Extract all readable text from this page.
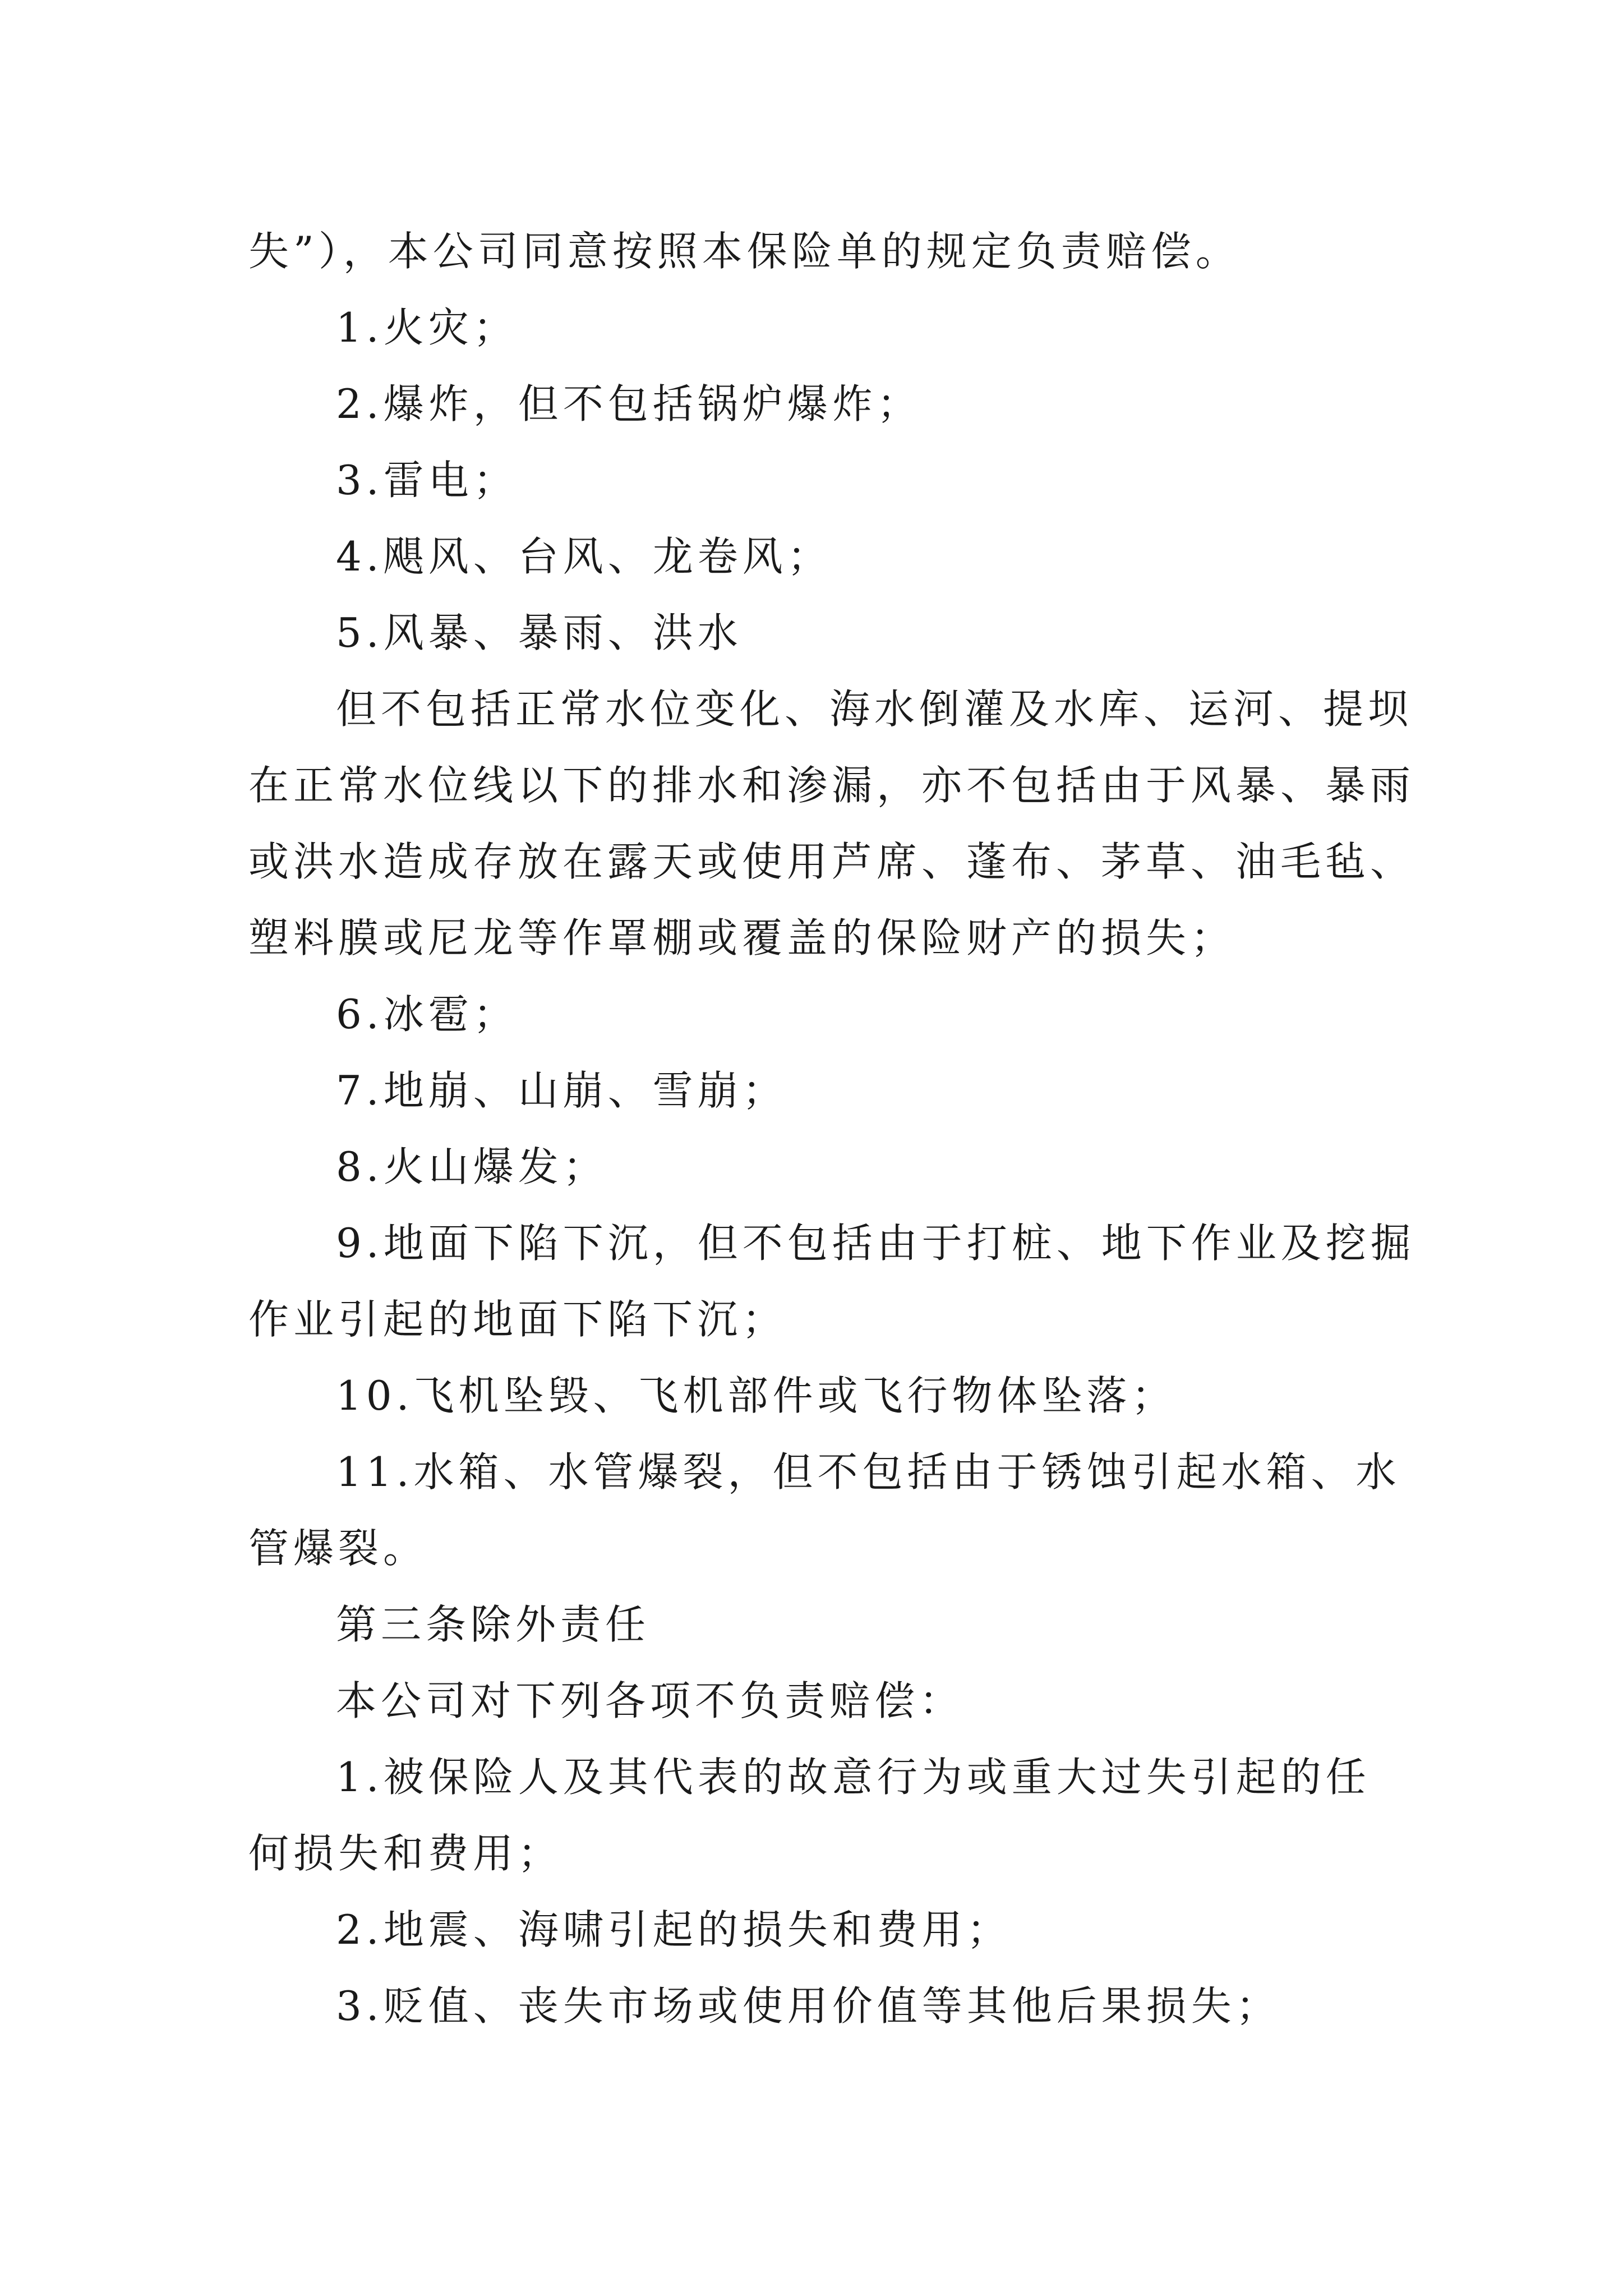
失”），本公司同意按照本保险单的规定负责赔偿。
1.火灾；
2.爆炸，但不包括锅炉爆炸；
3.雷电；
4.飓风、台风、龙卷风；
5.风暴、暴雨、洪水
但不包括正常水位变化、海水倒灌及水库、运河、提坝
在正常水位线以下的排水和渗漏，亦不包括由于风暴、暴雨
或洪水造成存放在露天或使用芦席、蓬布、茅草、油毛毡、
塑料膜或尼龙等作罩棚或覆盖的保险财产的损失；
6.冰雹；
7.地崩、山崩、雪崩；
8.火山爆发；
9.地面下陷下沉，但不包括由于打桩、地下作业及挖掘
作业引起的地面下陷下沉；
10.飞机坠毁、飞机部件或飞行物体坠落；
11.水箱、水管爆裂，但不包括由于锈蚀引起水箱、水
管爆裂。
第三条除外责任
本公司对下列各项不负责赔偿：
1.被保险人及其代表的故意行为或重大过失引起的任
何损失和费用；
2.地震、海啸引起的损失和费用；
3.贬值、丧失市场或使用价值等其他后果损失；
